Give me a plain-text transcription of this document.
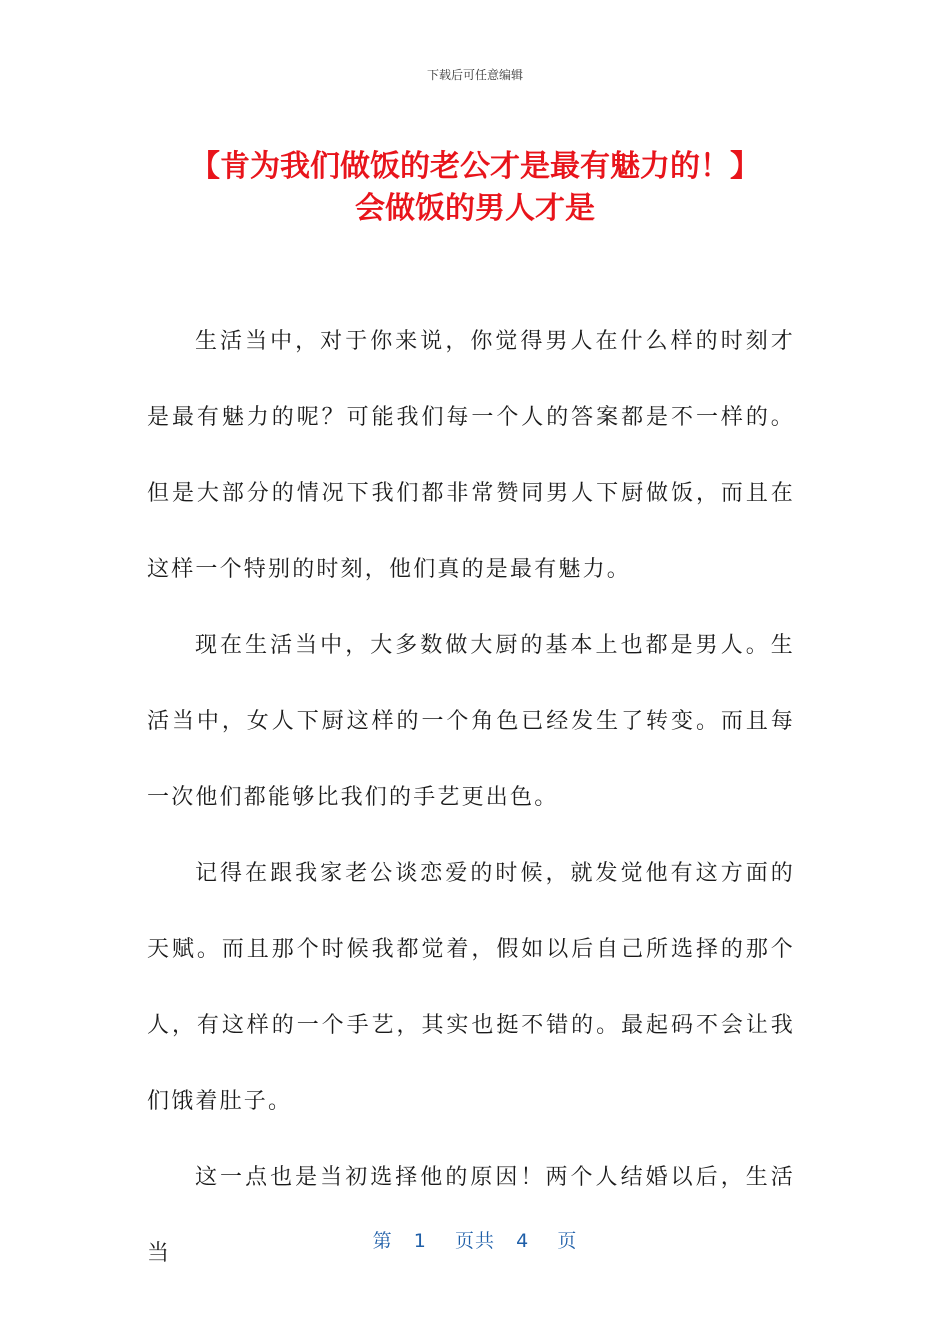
下载后可任意编辑
【肯为我们做饭的老公才是最有魅力的！】
会做饭的男人才是

生活当中，对于你来说，你觉得男人在什么样的时刻才是最有魅力的呢？可能我们每一个人的答案都是不一样的。但是大部分的情况下我们都非常赞同男人下厨做饭，而且在这样一个特别的时刻，他们真的是最有魅力。

现在生活当中，大多数做大厨的基本上也都是男人。生活当中，女人下厨这样的一个角色已经发生了转变。而且每一次他们都能够比我们的手艺更出色。

记得在跟我家老公谈恋爱的时候，就发觉他有这方面的天赋。而且那个时候我都觉着，假如以后自己所选择的那个人，有这样的一个手艺，其实也挺不错的。最起码不会让我们饿着肚子。

这一点也是当初选择他的原因！两个人结婚以后，生活当	第 1 页共 4 页
